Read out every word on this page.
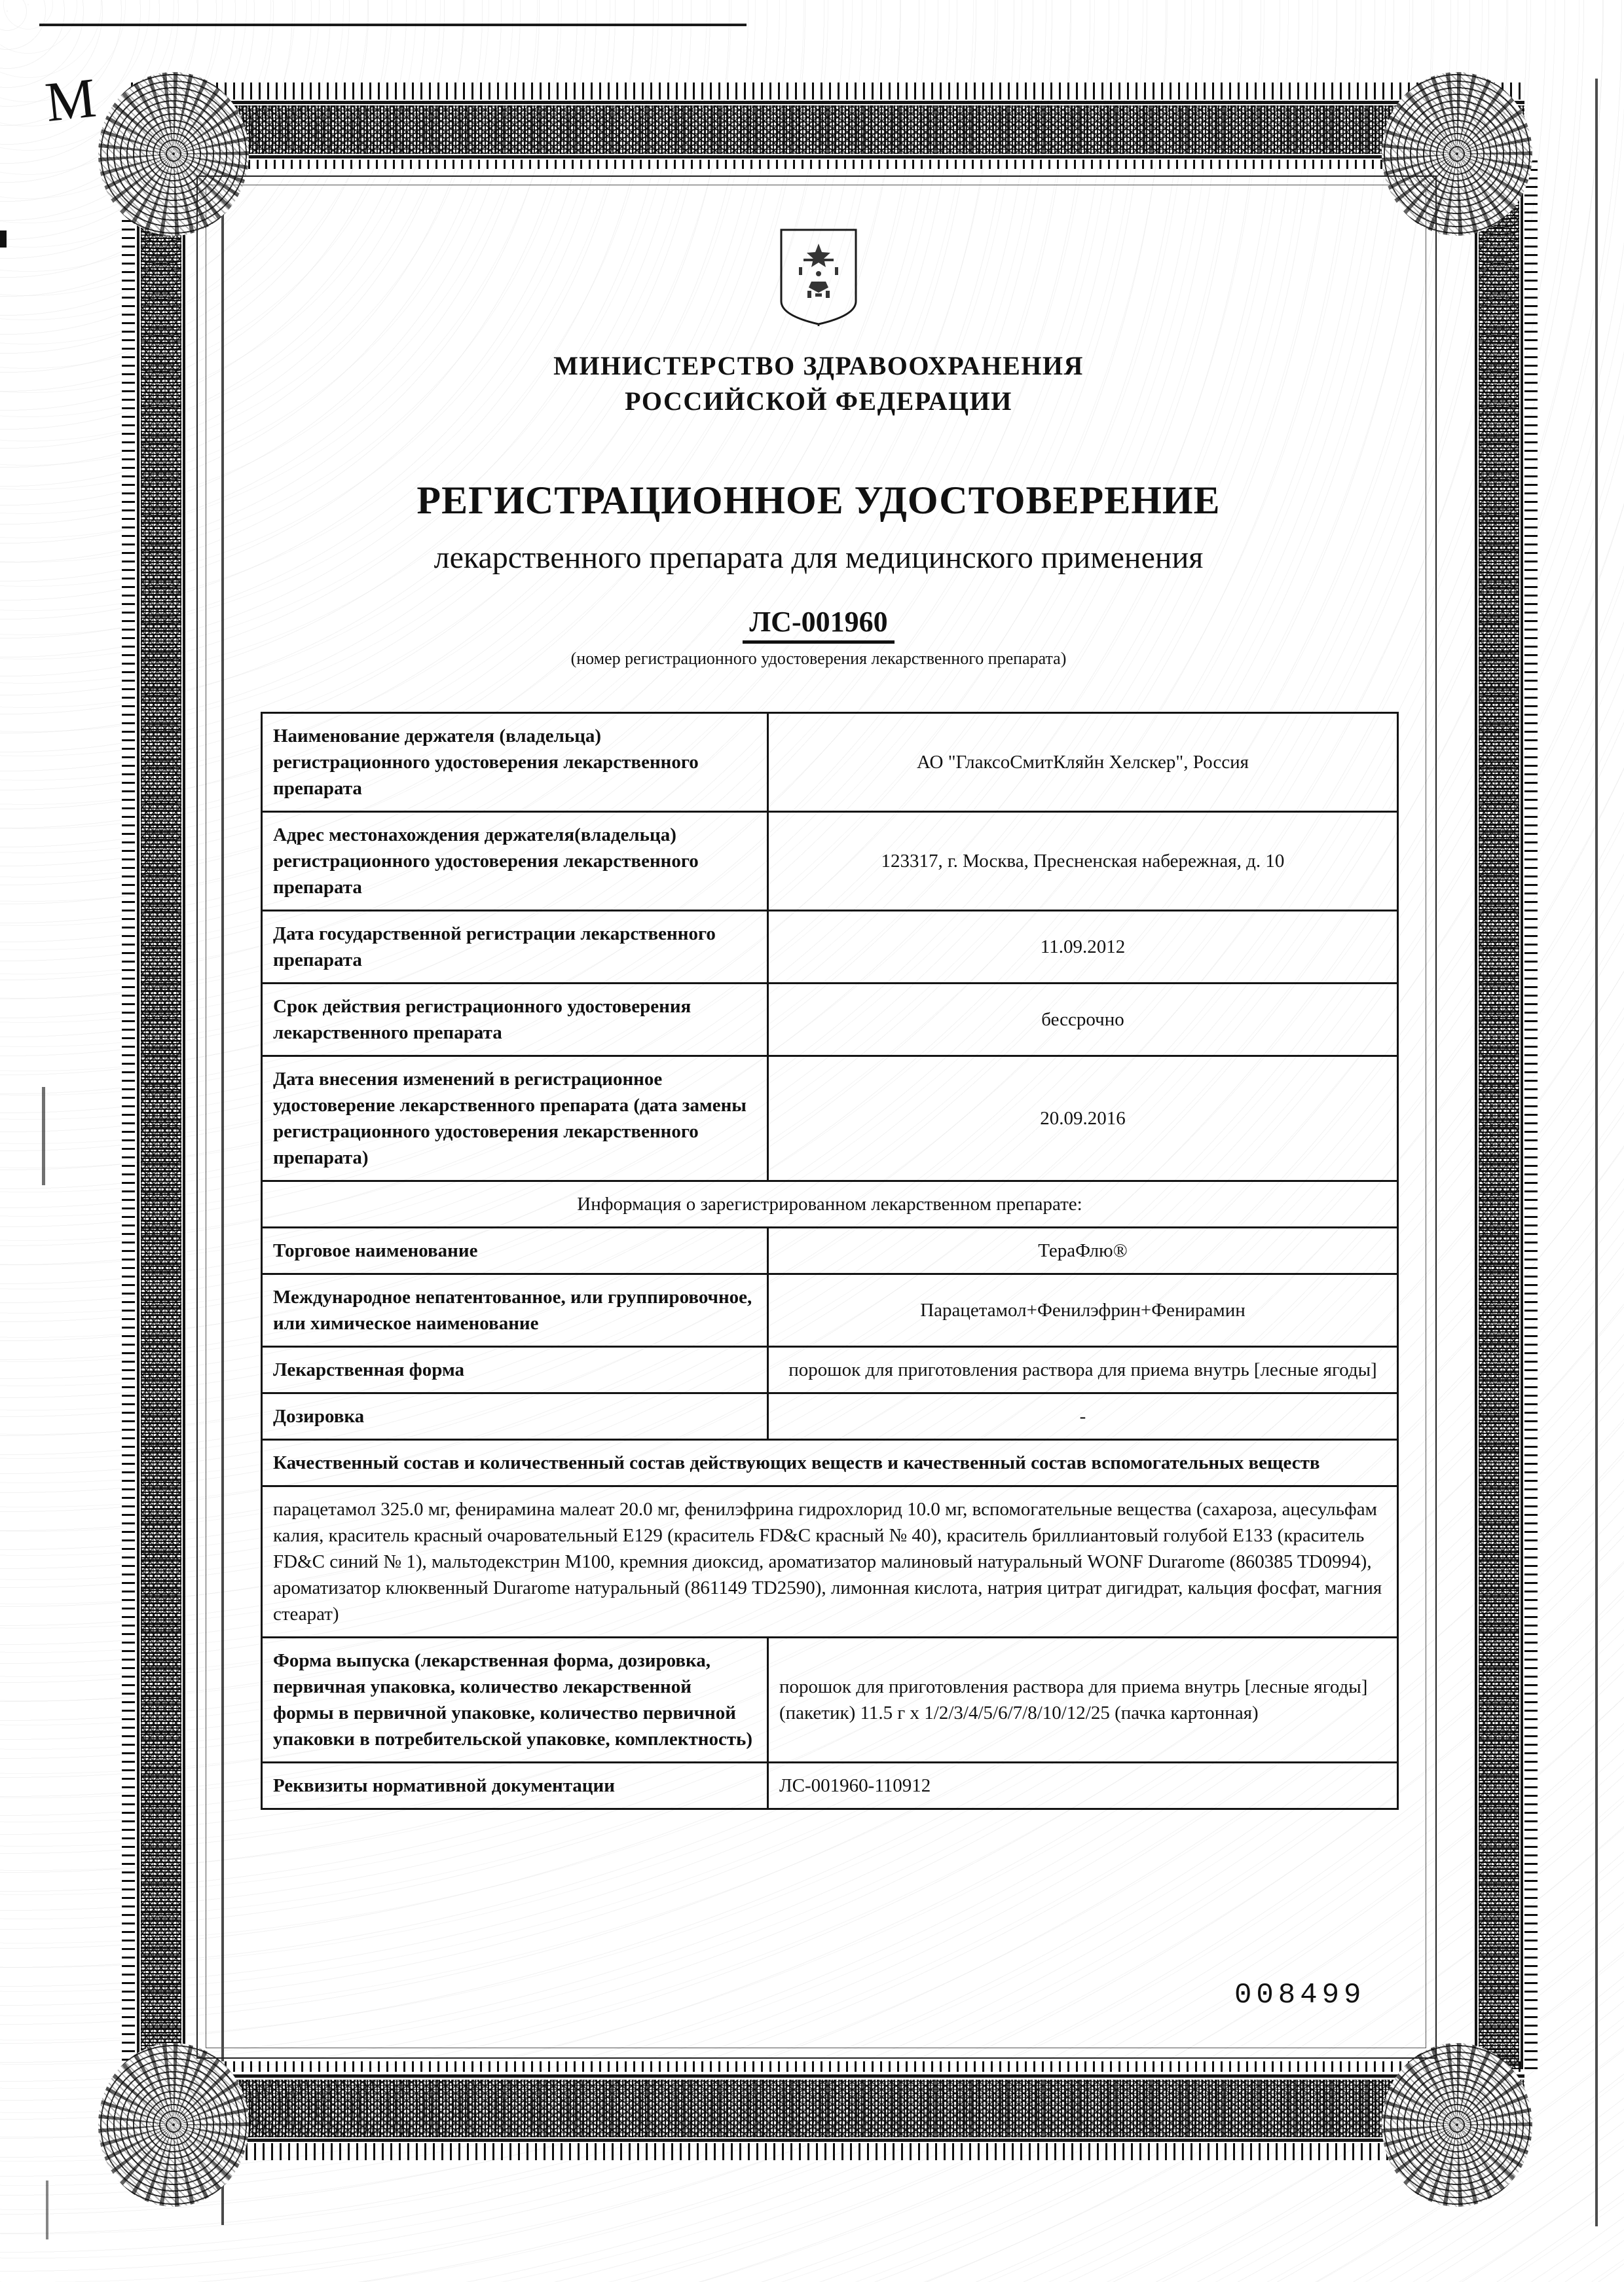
М
МИНИСТЕРСТВО ЗДРАВООХРАНЕНИЯ
РОССИЙСКОЙ ФЕДЕРАЦИИ
РЕГИСТРАЦИОННОЕ УДОСТОВЕРЕНИЕ
лекарственного препарата для медицинского применения
ЛС-001960
(номер регистрационного удостоверения лекарственного препарата)
Наименование держателя (владельца) регистрационного удостоверения лекарственного препарата	АО "ГлаксоСмитКляйн Хелскер", Россия
Адрес местонахождения держателя(владельца) регистрационного удостоверения лекарственного препарата	123317, г. Москва, Пресненская набережная, д. 10
Дата государственной регистрации лекарственного препарата	11.09.2012
Срок действия регистрационного удостоверения лекарственного препарата	бессрочно
Дата внесения изменений в регистрационное удостоверение лекарственного препарата (дата замены регистрационного удостоверения лекарственного препарата)	20.09.2016
Информация о зарегистрированном лекарственном препарате:	
Торговое наименование	ТераФлю®
Международное непатентованное, или группировочное, или химическое наименование	Парацетамол+Фенилэфрин+Фенирамин
Лекарственная форма	порошок для приготовления раствора для приема внутрь [лесные ягоды]
Дозировка	-
Качественный состав и количественный состав действующих веществ и качественный состав вспомогательных веществ	
парацетамол 325.0 мг, фенирамина малеат 20.0 мг, фенилэфрина гидрохлорид 10.0 мг, вспомогательные вещества (сахароза, ацесульфам калия, краситель красный очаровательный Е129 (краситель FD&C красный № 40), краситель бриллиантовый голубой Е133 (краситель FD&C синий № 1), мальтодекстрин М100, кремния диоксид, ароматизатор малиновый натуральный WONF Durarome (860385 TD0994), ароматизатор клюквенный Durarome натуральный (861149 TD2590), лимонная кислота, натрия цитрат дигидрат, кальция фосфат, магния стеарат)	
Форма выпуска (лекарственная форма, дозировка, первичная упаковка, количество лекарственной формы в первичной упаковке, количество первичной упаковки в потребительской упаковке, комплектность)	порошок для приготовления раствора для приема внутрь [лесные ягоды] (пакетик) 11.5 г х 1/2/3/4/5/6/7/8/10/12/25 (пачка картонная)
Реквизиты нормативной документации	ЛС-001960-110912
008499
